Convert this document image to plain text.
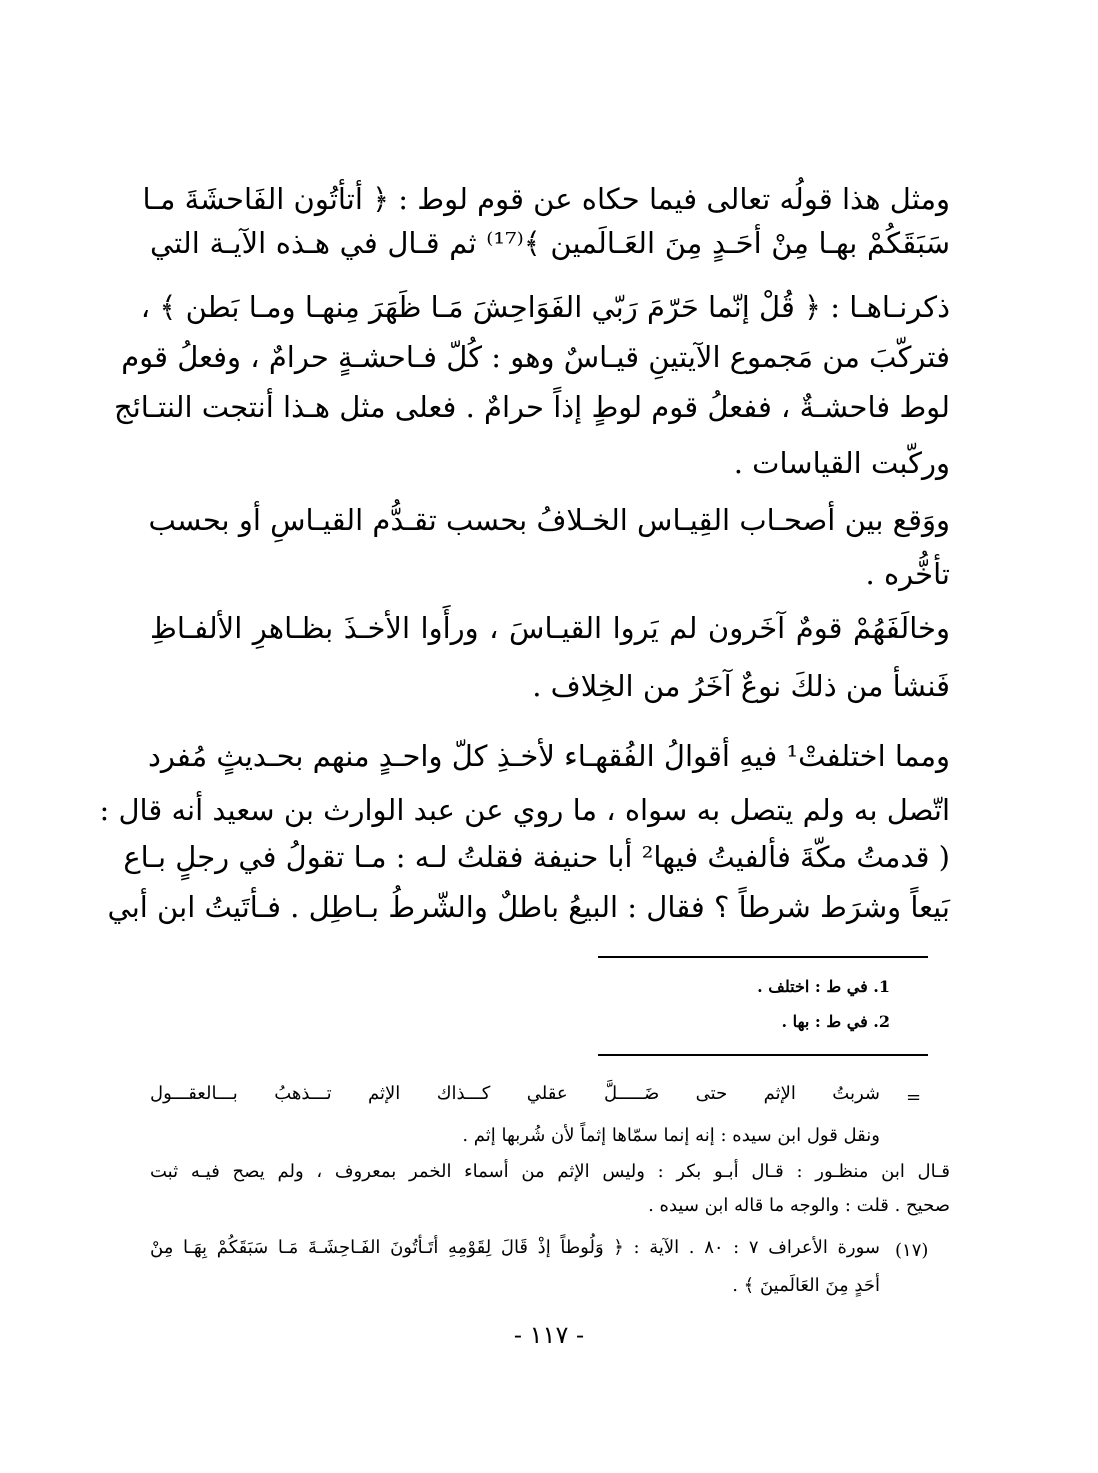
ومثل هذا قولُه تعالى فيما حكاه عن قوم لوط : ﴿ أتأتُون الفَاحشَةَ مـا

سَبَقَكُمْ بهـا مِنْ أحَـدٍ مِنَ العَـالَمين ﴾⁽¹⁷⁾ ثم قـال في هـذه الآيـة التي

ذكرنـاهـا : ﴿ قُلْ إنّما حَرّمَ رَبّي الفَوَاحِشَ مَـا ظَهَرَ مِنهـا ومـا بَطن ﴾ ،

فتركّبَ من مَجموع الآيتينِ قيـاسٌ وهو : كُلّ فـاحشـةٍ حرامٌ ، وفعلُ قوم

لوط فاحشـةٌ ، ففعلُ قوم لوطٍ إذاً حرامٌ . فعلى مثل هـذا أنتجت النتـائج

وركّبت القياسات .

ووَقع بين أصحـاب القِيـاس الخـلافُ بحسب تقـدُّم القيـاسِ أو بحسب

تأخُّره .

وخالَفَهُمْ قومٌ آخَرون لم يَروا القيـاسَ ، ورأَوا الأخـذَ بظـاهرِ الألفـاظِ

فَنشأ من ذلكَ نوعٌ آخَرُ من الخِلاف .

ومما اختلفتْ¹ فيهِ أقوالُ الفُقهـاء لأخـذِ كلّ واحـدٍ منهم بحـديثٍ مُفرد

اتّصل به ولم يتصل به سواه ، ما روي عن عبد الوارث بن سعيد أنه قال :

( قدمتُ مكّةَ فألفيتُ فيها² أبا حنيفة فقلتُ لـه : مـا تقولُ في رجلٍ بـاع

بَيعاً وشرَط شرطاً ؟ فقال : البيعُ باطلٌ والشّرطُ بـاطِل . فـأتَيتُ ابن أبي

1. في ط : اختلف .

2. في ط : بها .

=

شربتُ الإثم حتى ضَـــــلَّ عقلي كـــذاك الإثم تـــذهبُ بـــالعقـــول

ونقل قول ابن سيده : إنه إنما سمّاها إثماً لأن شُربها إثم .

قـال ابن منظـور : قـال أبـو بكر : وليس الإثم من أسماء الخمر بمعروف ، ولم يصح فيـه ثبت

صحيح . قلت : والوجه ما قاله ابن سيده .

(١٧)

سورة الأعراف ٧ : ٨٠ . الآية : ﴿ وَلُوطاً إذْ قَالَ لِقَوْمِهِ أتَـأتُونَ الفَـاحِشَـةَ مَـا سَبَقَكُمْ بِهَـا مِنْ

أحَدٍ مِنَ العَالَمينَ ﴾ .

- ١١٧ -
